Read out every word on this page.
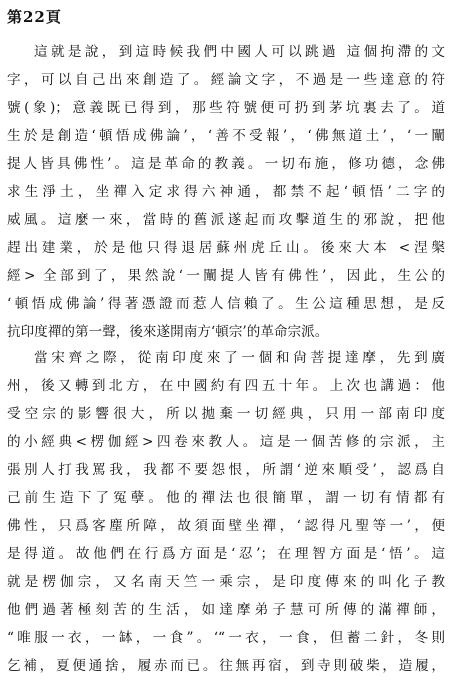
第22頁
這就是說，到這時候我們中國人可以跳過 這個拘滯的文
字，可以自己出來創造了。經論文字，不過是一些達意的符
號(象)；意義既已得到，那些符號便可扔到茅坑裏去了。道
生於是創造‘頓悟成佛論’，‘善不受報’，‘佛無道土’，‘一闡
提人皆具佛性’。這是革命的教義。一切布施，修功德，念佛
求生淨土，坐禪入定求得六神通，都禁不起‘頓悟’二字的
威風。這麼一來，當時的舊派遂起而攻擊道生的邪說，把他
趕出建業，於是他只得退居蘇州虎丘山。後來大本 <涅槃
經> 全部到了，果然說‘一闡提人皆有佛性’，因此，生公的
‘頓悟成佛論’得著憑證而惹人信賴了。生公這種思想，是反
抗印度禪的第一聲，後來遂開南方‘頓宗’的革命宗派。
當宋齊之際，從南印度來了一個和尙菩提達摩，先到廣
州，後又轉到北方，在中國約有四五十年。上次也講過：他
受空宗的影響很大，所以拋棄一切經典，只用一部南印度
的小經典<楞伽經>四卷來教人。這是一個苦修的宗派，主
張別人打我罵我，我都不要怨恨，所謂‘逆來順受’，認爲自
己前生造下了冤孽。他的禪法也很簡單，謂一切有情都有
佛性，只爲客塵所障，故須面壁坐禪，‘認得凡聖等一’，便
是得道。故他們在行爲方面是‘忍’；在理智方面是‘悟’。這
就是楞伽宗，又名南天竺一乘宗，是印度傳來的叫化子教
他們過著極刻苦的生活，如達摩弟子慧可所傳的滿禪師，
“唯服一衣，一缽，一食”。‘“一衣，一食，但蓄二針，冬則
乞補，夏便通捨，履赤而已。往無再宿，到寺則破柴，造履，
